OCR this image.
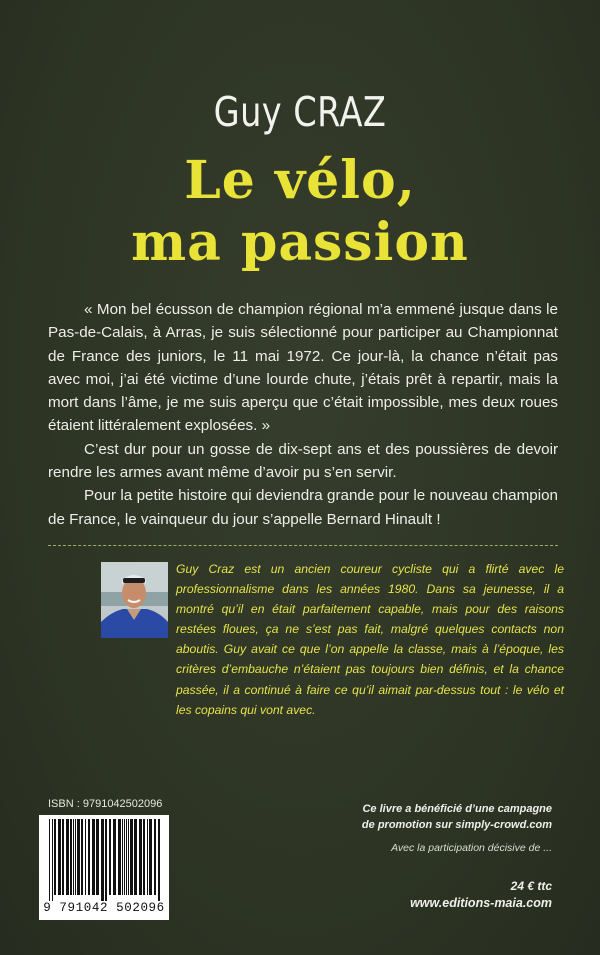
Guy CRAZ
Le vélo,
ma passion

« Mon bel écusson de champion régional m’a emmené jusque dans le Pas-de-Calais, à Arras, je suis sélectionné pour participer au Championnat de France des juniors, le 11 mai 1972. Ce jour-là, la chance n’était pas avec moi, j’ai été victime d’une lourde chute, j’étais prêt à repartir, mais la mort dans l’âme, je me suis aperçu que c’était impossible, mes deux roues étaient littéralement explosées. »

C’est dur pour un gosse de dix-sept ans et des poussières de devoir rendre les armes avant même d’avoir pu s’en servir.

Pour la petite histoire qui deviendra grande pour le nouveau champion de France, le vainqueur du jour s’appelle Bernard Hinault !

Guy Craz est un ancien coureur cycliste qui a flirté avec le professionnalisme dans les années 1980. Dans sa jeunesse, il a montré qu’il en était parfaitement capable, mais pour des raisons restées floues, ça ne s’est pas fait, malgré quelques contacts non aboutis. Guy avait ce que l’on appelle la classe, mais à l’époque, les critères d’embauche n’étaient pas toujours bien définis, et la chance passée, il a continué à faire ce qu’il aimait par-dessus tout : le vélo et les copains qui vont avec.

ISBN : 9791042502096
9 791042 502096
Ce livre a bénéficié d’une campagne
de promotion sur simply-crowd.com
Avec la participation décisive de ...
24 € ttc
www.editions-maia.com
